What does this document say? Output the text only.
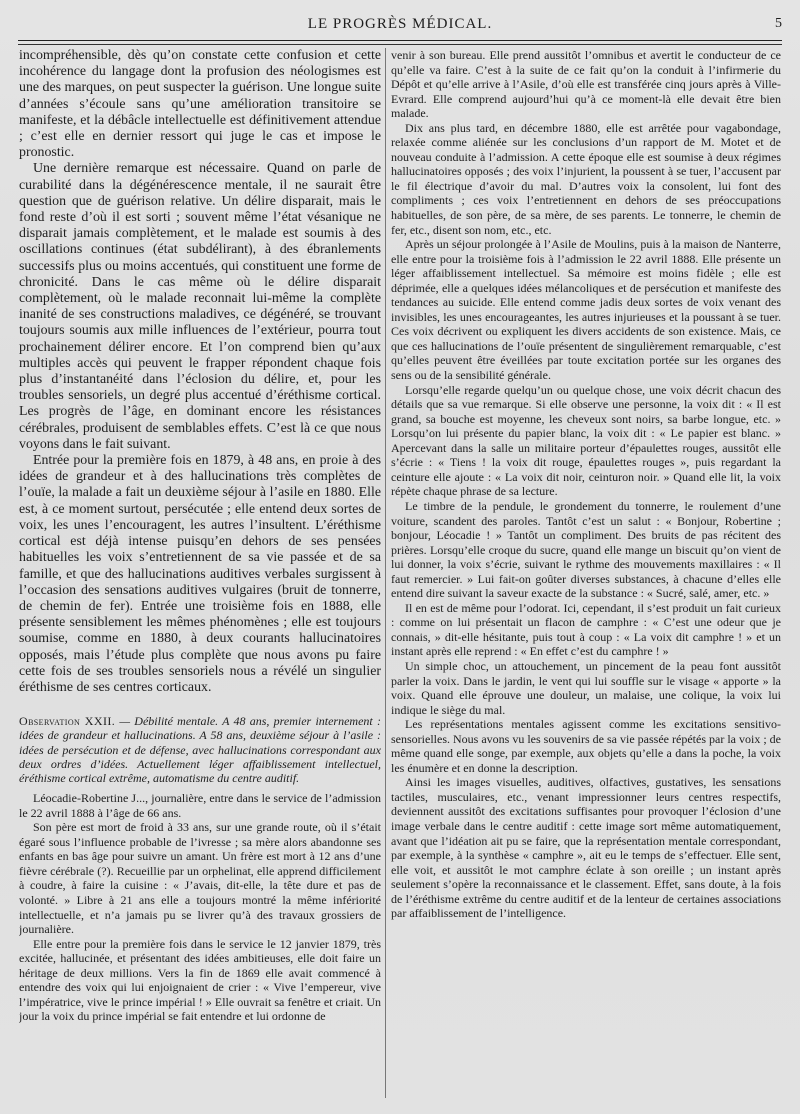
LE PROGRÈS MÉDICAL.	5

incompréhensible, dès qu’on constate cette confusion et cette incohérence du langage dont la profusion des néologismes est une des marques, on peut suspecter la guérison. Une longue suite d’années s’écoule sans qu’une amélioration transitoire se manifeste, et la débâcle intellectuelle est définitivement attendue ; c’est elle en dernier ressort qui juge le cas et impose le pronostic.

Une dernière remarque est nécessaire. Quand on parle de curabilité dans la dégénérescence mentale, il ne saurait être question que de guérison relative. Un délire disparait, mais le fond reste d’où il est sorti ; souvent même l’état vésanique ne disparait jamais complètement, et le malade est soumis à des oscillations continues (état subdélirant), à des ébranlements successifs plus ou moins accentués, qui constituent une forme de chronicité. Dans le cas même où le délire disparait complètement, où le malade reconnait lui-même la complète inanité de ses constructions maladives, ce dégénéré, se trouvant toujours soumis aux mille influences de l’extérieur, pourra tout prochainement délirer encore. Et l’on comprend bien qu’aux multiples accès qui peuvent le frapper répondent chaque fois plus d’instantanéité dans l’éclosion du délire, et, pour les troubles sensoriels, un degré plus accentué d’éréthisme cortical. Les progrès de l’âge, en dominant encore les résistances cérébrales, produisent de semblables effets. C’est là ce que nous voyons dans le fait suivant.

Entrée pour la première fois en 1879, à 48 ans, en proie à des idées de grandeur et à des hallucinations très complètes de l’ouïe, la malade a fait un deuxième séjour à l’asile en 1880. Elle est, à ce moment surtout, persécutée ; elle entend deux sortes de voix, les unes l’encouragent, les autres l’insultent. L’éréthisme cortical est déjà intense puisqu’en dehors de ses pensées habituelles les voix s’entretiennent de sa vie passée et de sa famille, et que des hallucinations auditives verbales surgissent à l’occasion des sensations auditives vulgaires (bruit de tonnerre, de chemin de fer). Entrée une troisième fois en 1888, elle présente sensiblement les mêmes phénomènes ; elle est toujours soumise, comme en 1880, à deux courants hallucinatoires opposés, mais l’étude plus complète que nous avons pu faire cette fois de ses troubles sensoriels nous a révélé un singulier éréthisme de ses centres corticaux.

Observation XXII. — Débilité mentale. A 48 ans, premier internement : idées de grandeur et hallucinations. A 58 ans, deuxième séjour à l’asile : idées de persécution et de défense, avec hallucinations correspondant aux deux ordres d’idées. Actuellement léger affaiblissement intellectuel, éréthisme cortical extrême, automatisme du centre auditif.

Léocadie-Robertine J..., journalière, entre dans le service de l’admission le 22 avril 1888 à l’âge de 66 ans.

Son père est mort de froid à 33 ans, sur une grande route, où il s’était égaré sous l’influence probable de l’ivresse ; sa mère alors abandonne ses enfants en bas âge pour suivre un amant. Un frère est mort à 12 ans d’une fièvre cérébrale (?). Recueillie par un orphelinat, elle apprend difficilement à coudre, à faire la cuisine : « J’avais, dit-elle, la tête dure et pas de volonté. » Libre à 21 ans elle a toujours montré la même infériorité intellectuelle, et n’a jamais pu se livrer qu’à des travaux grossiers de journalière.

Elle entre pour la première fois dans le service le 12 janvier 1879, très excitée, hallucinée, et présentant des idées ambitieuses, elle doit faire un héritage de deux millions. Vers la fin de 1869 elle avait commencé à entendre des voix qui lui enjoignaient de crier : « Vive l’empereur, vive l’impératrice, vive le prince impérial ! » Elle ouvrait sa fenêtre et criait. Un jour la voix du prince impérial se fait entendre et lui ordonne de

venir à son bureau. Elle prend aussitôt l’omnibus et avertit le conducteur de ce qu’elle va faire. C’est à la suite de ce fait qu’on la conduit à l’infirmerie du Dépôt et qu’elle arrive à l’Asile, d’où elle est transférée cinq jours après à Ville-Evrard. Elle comprend aujourd’hui qu’à ce moment-là elle devait être bien malade.

Dix ans plus tard, en décembre 1880, elle est arrêtée pour vagabondage, relaxée comme aliénée sur les conclusions d’un rapport de M. Motet et de nouveau conduite à l’admission. A cette époque elle est soumise à deux régimes hallucinatoires opposés ; des voix l’injurient, la poussent à se tuer, l’accusent par le fil électrique d’avoir du mal. D’autres voix la consolent, lui font des compliments ; ces voix l’entretiennent en dehors de ses préoccupations habituelles, de son père, de sa mère, de ses parents. Le tonnerre, le chemin de fer, etc., disent son nom, etc., etc.

Après un séjour prolongée à l’Asile de Moulins, puis à la maison de Nanterre, elle entre pour la troisième fois à l’admission le 22 avril 1888. Elle présente un léger affaiblissement intellectuel. Sa mémoire est moins fidèle ; elle est déprimée, elle a quelques idées mélancoliques et de persécution et manifeste des tendances au suicide. Elle entend comme jadis deux sortes de voix venant des invisibles, les unes encourageantes, les autres injurieuses et la poussant à se tuer. Ces voix décrivent ou expliquent les divers accidents de son existence. Mais, ce que ces hallucinations de l’ouïe présentent de singulièrement remarquable, c’est qu’elles peuvent être éveillées par toute excitation portée sur les organes des sens ou de la sensibilité générale.

Lorsqu’elle regarde quelqu’un ou quelque chose, une voix décrit chacun des détails que sa vue remarque. Si elle observe une personne, la voix dit : « Il est grand, sa bouche est moyenne, les cheveux sont noirs, sa barbe longue, etc. » Lorsqu’on lui présente du papier blanc, la voix dit : « Le papier est blanc. » Apercevant dans la salle un militaire porteur d’épaulettes rouges, aussitôt elle s’écrie : « Tiens ! la voix dit rouge, épaulettes rouges », puis regardant la ceinture elle ajoute : « La voix dit noir, ceinturon noir. » Quand elle lit, la voix répète chaque phrase de sa lecture.

Le timbre de la pendule, le grondement du tonnerre, le roulement d’une voiture, scandent des paroles. Tantôt c’est un salut : « Bonjour, Robertine ; bonjour, Léocadie ! » Tantôt un compliment. Des bruits de pas récitent des prières. Lorsqu’elle croque du sucre, quand elle mange un biscuit qu’on vient de lui donner, la voix s’écrie, suivant le rythme des mouvements maxillaires : « Il faut remercier. » Lui fait-on goûter diverses substances, à chacune d’elles elle entend dire suivant la saveur exacte de la substance : « Sucré, salé, amer, etc. »

Il en est de même pour l’odorat. Ici, cependant, il s’est produit un fait curieux : comme on lui présentait un flacon de camphre : « C’est une odeur que je connais, » dit-elle hésitante, puis tout à coup : « La voix dit camphre ! » et un instant après elle reprend : « En effet c’est du camphre ! »

Un simple choc, un attouchement, un pincement de la peau font aussitôt parler la voix. Dans le jardin, le vent qui lui souffle sur le visage « apporte » la voix. Quand elle éprouve une douleur, un malaise, une colique, la voix lui indique le siège du mal.

Les représentations mentales agissent comme les excitations sensitivo-sensorielles. Nous avons vu les souvenirs de sa vie passée répétés par la voix ; de même quand elle songe, par exemple, aux objets qu’elle a dans la poche, la voix les énumère et en donne la description.

Ainsi les images visuelles, auditives, olfactives, gustatives, les sensations tactiles, musculaires, etc., venant impressionner leurs centres respectifs, deviennent aussitôt des excitations suffisantes pour provoquer l’éclosion d’une image verbale dans le centre auditif : cette image sort même automatiquement, avant que l’idéation ait pu se faire, que la représentation mentale correspondant, par exemple, à la synthèse « camphre », ait eu le temps de s’effectuer. Elle sent, elle voit, et aussitôt le mot camphre éclate à son oreille ; un instant après seulement s’opère la reconnaissance et le classement. Effet, sans doute, à la fois de l’éréthisme extrême du centre auditif et de la lenteur de certaines associations par affaiblissement de l’intelligence.
